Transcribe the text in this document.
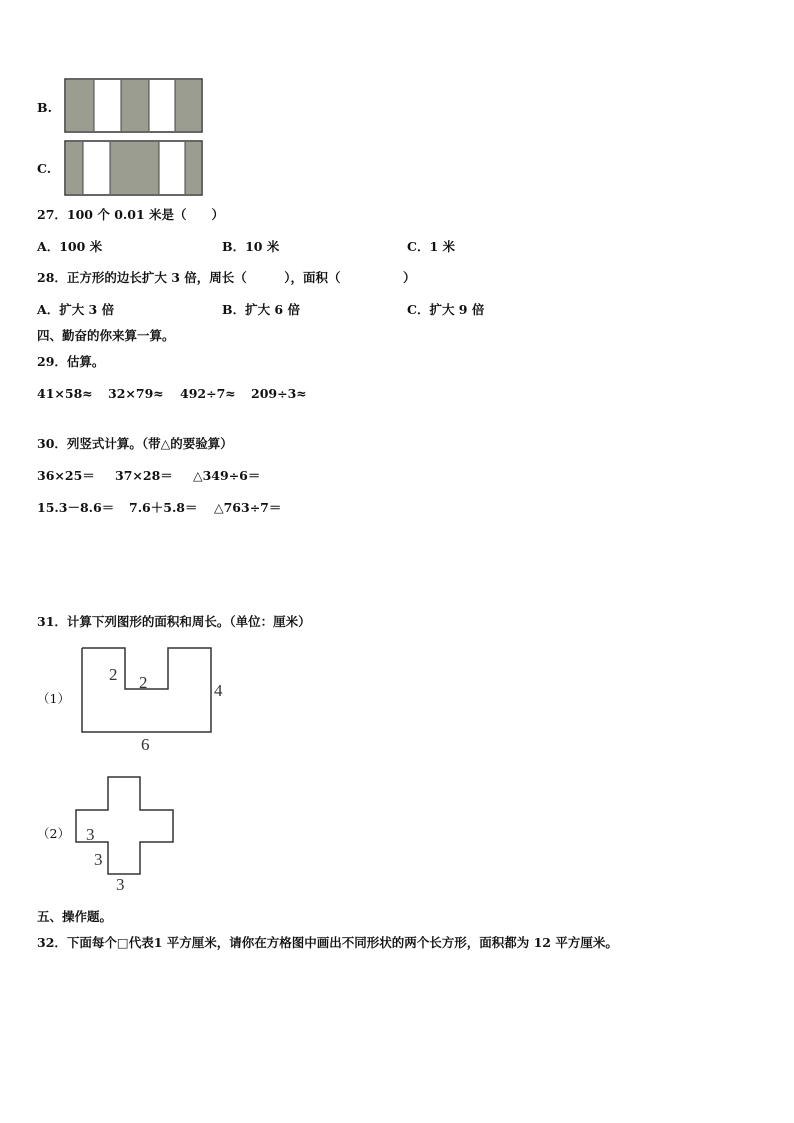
B.
C.
27．100 个 0.01 米是（　　）
A．100 米	B．10 米	C．1 米
28．正方形的边长扩大 3 倍，周长（　　　），面积（　　　　　）
A．扩大 3 倍	B．扩大 6 倍	C．扩大 9 倍
四、勤奋的你来算一算。
29．估算。
41×58≈ 32×79≈ 492÷7≈ 209÷3≈
30．列竖式计算。（带△的要验算）
36×25＝ 37×28＝ △349÷6＝
15.3－8.6＝ 7.6＋5.8＝ △763÷7＝
31．计算下列图形的面积和周长。（单位：厘米）
（1）
2 2	4
6
（2） 3
3
3
五、操作题。
32．下面每个□代表1 平方厘米，请你在方格图中画出不同形状的两个长方形，面积都为 12 平方厘米。
